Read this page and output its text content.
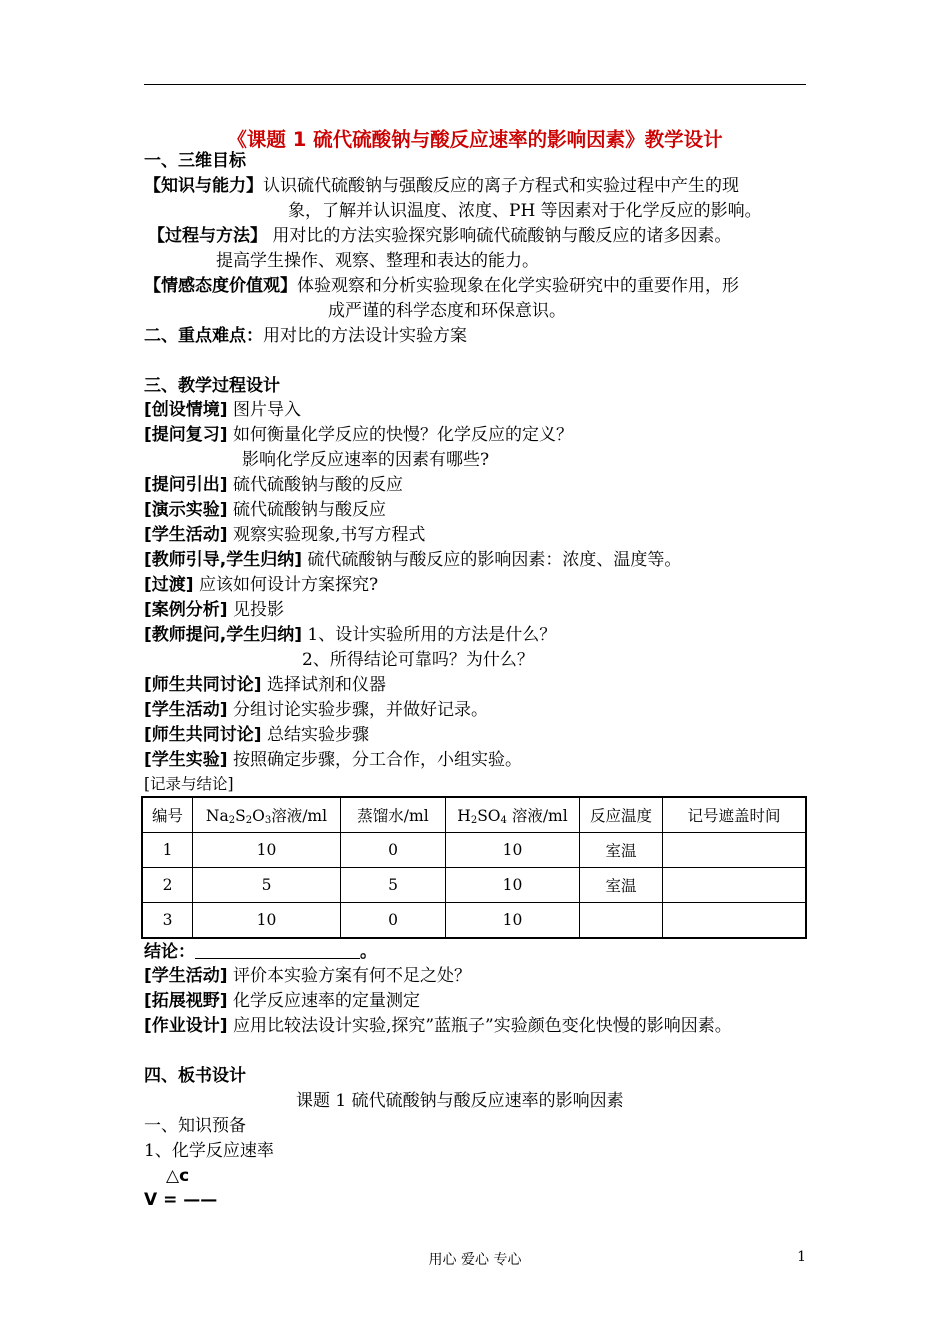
《课题 1 硫代硫酸钠与酸反应速率的影响因素》教学设计
一、三维目标
【知识与能力】认识硫代硫酸钠与强酸反应的离子方程式和实验过程中产生的现
象，了解并认识温度、浓度、PH 等因素对于化学反应的影响。
【过程与方法】 用对比的方法实验探究影响硫代硫酸钠与酸反应的诸多因素。
提高学生操作、观察、整理和表达的能力。
【情感态度价值观】体验观察和分析实验现象在化学实验研究中的重要作用，形
成严谨的科学态度和环保意识。
二、重点难点：用对比的方法设计实验方案
三、教学过程设计
[创设情境] 图片导入
[提问复习] 如何衡量化学反应的快慢？化学反应的定义？
影响化学反应速率的因素有哪些?
[提问引出] 硫代硫酸钠与酸的反应
[演示实验] 硫代硫酸钠与酸反应
[学生活动] 观察实验现象,书写方程式
[教师引导,学生归纳] 硫代硫酸钠与酸反应的影响因素：浓度、温度等。
[过渡] 应该如何设计方案探究?
[案例分析] 见投影
[教师提问,学生归纳] 1、设计实验所用的方法是什么？
2、所得结论可靠吗？为什么？
[师生共同讨论] 选择试剂和仪器
[学生活动] 分组讨论实验步骤，并做好记录。
[师生共同讨论] 总结实验步骤
[学生实验] 按照确定步骤，分工合作，小组实验。
[记录与结论]
编号	$Na_2S_2O_3$溶液/ml	蒸馏水/ml	$H_2SO_4$ 溶液/ml	反应温度	记号遮盖时间
1	10	0	10	室温	
2	5	5	10	室温	
3	10	0	10		
结论：	。
[学生活动] 评价本实验方案有何不足之处？
[拓展视野] 化学反应速率的定量测定
[作业设计] 应用比较法设计实验,探究”蓝瓶子”实验颜色变化快慢的影响因素。
四、板书设计
课题 1 硫代硫酸钠与酸反应速率的影响因素
一、知识预备
1、化学反应速率
△c
V = ——
用心 爱心 专心	1
